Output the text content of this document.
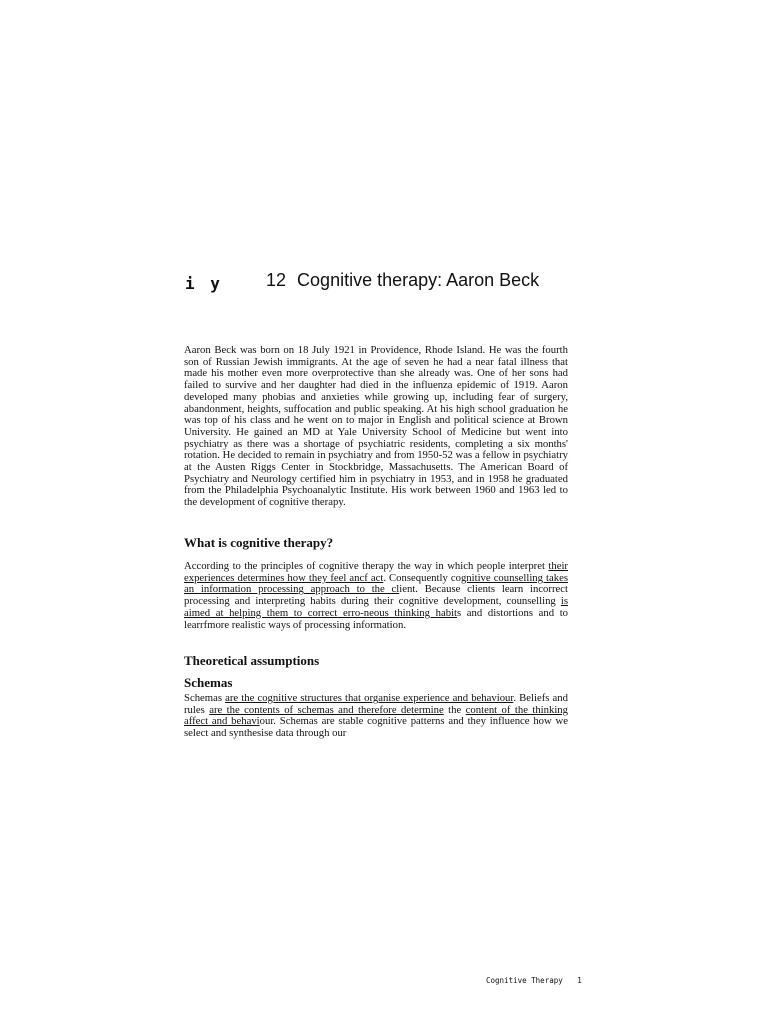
i y 12 Cognitive therapy: Aaron Beck

Aaron Beck was born on 18 July 1921 in Providence, Rhode Island. He was the fourth son of Russian Jewish immigrants. At the age of seven he had a near fatal illness that made his mother even more overprotective than she already was. One of her sons had failed to survive and her daughter had died in the influenza epidemic of 1919. Aaron developed many phobias and anxieties while growing up, including fear of surgery, abandonment, heights, suffocation and public speaking. At his high school graduation he was top of his class and he went on to major in English and political science at Brown University. He gained an MD at Yale University School of Medicine but went into psychiatry as there was a shortage of psychiatric residents, completing a six months' rotation. He decided to remain in psychiatry and from 1950-52 was a fellow in psychiatry at the Austen Riggs Center in Stockbridge, Massachusetts. The American Board of Psychiatry and Neurology certified him in psychiatry in 1953, and in 1958 he graduated from the Philadelphia Psychoanalytic Institute. His work between 1960 and 1963 led to the development of cognitive therapy.

What is cognitive therapy?

According to the principles of cognitive therapy the way in which people interpret their experiences determines how they feel ancf act. Consequently cognitive counselling takes an information processing approach to the client. Because clients learn incorrect processing and interpreting habits during their cognitive development, counselling is aimed at helping them to correct erro-neous thinking habits and distortions and to learrfmore realistic ways of processing information.

Theoretical assumptions
Schemas

Schemas are the cognitive structures that organise experience and behaviour. Beliefs and rules are the contents of schemas and therefore determine the content of the thinking affect and behaviour. Schemas are stable cognitive patterns and they influence how we select and synthesise data through our

Cognitive Therapy 1
